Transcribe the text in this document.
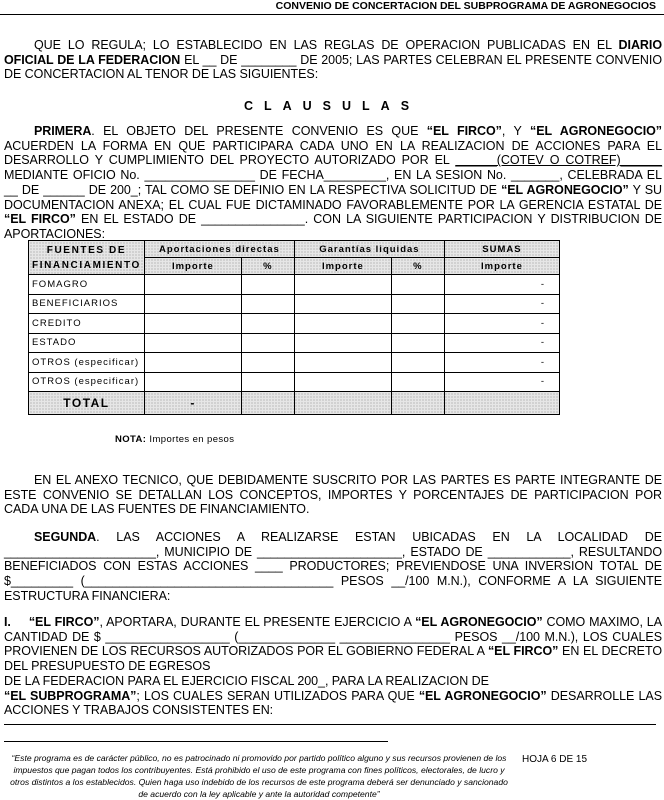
CONVENIO DE CONCERTACION DEL SUBPROGRAMA DE AGRONEGOCIOS

QUE LO REGULA; LO ESTABLECIDO EN LAS REGLAS DE OPERACION PUBLICADAS EN EL DIARIO OFICIAL DE LA FEDERACION EL __ DE ________ DE 2005; LAS PARTES CELEBRAN EL PRESENTE CONVENIO DE CONCERTACION AL TENOR DE LAS SIGUIENTES:

CLAUSULAS

PRIMERA. EL OBJETO DEL PRESENTE CONVENIO ES QUE “EL FIRCO”, Y “EL AGRONEGOCIO” ACUERDEN LA FORMA EN QUE PARTICIPARA CADA UNO EN LA REALIZACION DE ACCIONES PARA EL DESARROLLO Y CUMPLIMIENTO DEL PROYECTO AUTORIZADO POR EL ______(COTEV O COTREF)______ MEDIANTE OFICIO No. ________________ DE FECHA_________, EN LA SESION No. _______, CELEBRADA EL __ DE ______ DE 200_; TAL COMO SE DEFINIO EN LA RESPECTIVA SOLICITUD DE “EL AGRONEGOCIO” Y SU DOCUMENTACION ANEXA; EL CUAL FUE DICTAMINADO FAVORABLEMENTE POR LA GERENCIA ESTATAL DE “EL FIRCO” EN EL ESTADO DE _______________. CON LA SIGUIENTE PARTICIPACION Y DISTRIBUCION DE APORTACIONES:

FUENTES DE FINANCIAMIENTO	Aportaciones directas		Garantías liquidas		SUMAS
	Importe	%	Importe	%	Importe
FOMAGRO					-
BENEFICIARIOS					-
CREDITO					-
ESTADO					-
OTROS (especificar)					-
OTROS (especificar)					-
TOTAL	-				
NOTA: Importes en pesos

EN EL ANEXO TECNICO, QUE DEBIDAMENTE SUSCRITO POR LAS PARTES ES PARTE INTEGRANTE DE ESTE CONVENIO SE DETALLAN LOS CONCEPTOS, IMPORTES Y PORCENTAJES DE PARTICIPACION POR CADA UNA DE LAS FUENTES DE FINANCIAMIENTO.

SEGUNDA. LAS ACCIONES A REALIZARSE ESTAN UBICADAS EN LA LOCALIDAD DE ______________________, MUNICIPIO DE _____________________, ESTADO DE ____________, RESULTANDO BENEFICIADOS CON ESTAS ACCIONES ____ PRODUCTORES; PREVIENDOSE UNA INVERSION TOTAL DE $_________ (____________________________________ PESOS __/100 M.N.), CONFORME A LA SIGUIENTE ESTRUCTURA FINANCIERA:

I. “EL FIRCO”, APORTARA, DURANTE EL PRESENTE EJERCICIO A “EL AGRONEGOCIO” COMO MAXIMO, LA CANTIDAD DE $ __________________ (______________ ________________ PESOS __/100 M.N.), LOS CUALES PROVIENEN DE LOS RECURSOS AUTORIZADOS POR EL GOBIERNO FEDERAL A “EL FIRCO” EN EL DECRETO DEL PRESUPUESTO DE EGRESOS
DE LA FEDERACION PARA EL EJERCICIO FISCAL 200_, PARA LA REALIZACION DE
“EL SUBPROGRAMA”; LOS CUALES SERAN UTILIZADOS PARA QUE “EL AGRONEGOCIO” DESARROLLE LAS ACCIONES Y TRABAJOS CONSISTENTES EN:

“Este programa es de carácter público, no es patrocinado ni promovido por partido político alguno y sus recursos provienen de los impuestos que pagan todos los contribuyentes. Está prohibido el uso de este programa con fines políticos, electorales, de lucro y otros distintos a los establecidos. Quien haga uso indebido de los recursos de este programa deberá ser denunciado y sancionado de acuerdo con la ley aplicable y ante la autoridad competente”
HOJA 6 DE 15
